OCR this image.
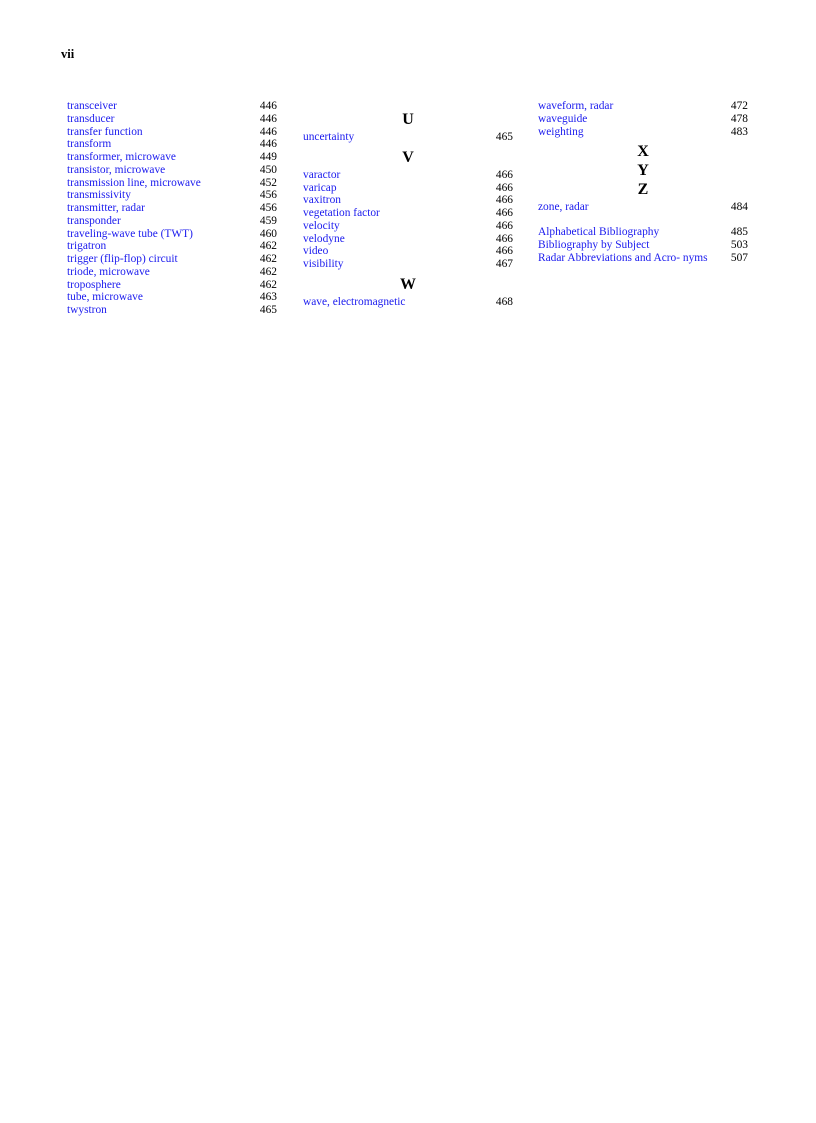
vii
transceiver	446
transducer	446
transfer function	446
transform	446
transformer, microwave	449
transistor, microwave	450
transmission line, microwave	452
transmissivity	456
transmitter, radar	456
transponder	459
traveling-wave tube (TWT)	460
trigatron	462
trigger (flip-flop) circuit	462
triode, microwave	462
troposphere	462
tube, microwave	463
twystron	465
U
uncertainty	465
V
varactor	466
varicap	466
vaxitron	466
vegetation factor	466
velocity	466
velodyne	466
video	466
visibility	467
W
wave, electromagnetic	468
waveform, radar	472
waveguide	478
weighting	483
X
Y
Z
zone, radar	484
Alphabetical Bibliography	485
Bibliography by Subject	503
Radar Abbreviations and Acro- nyms	507
